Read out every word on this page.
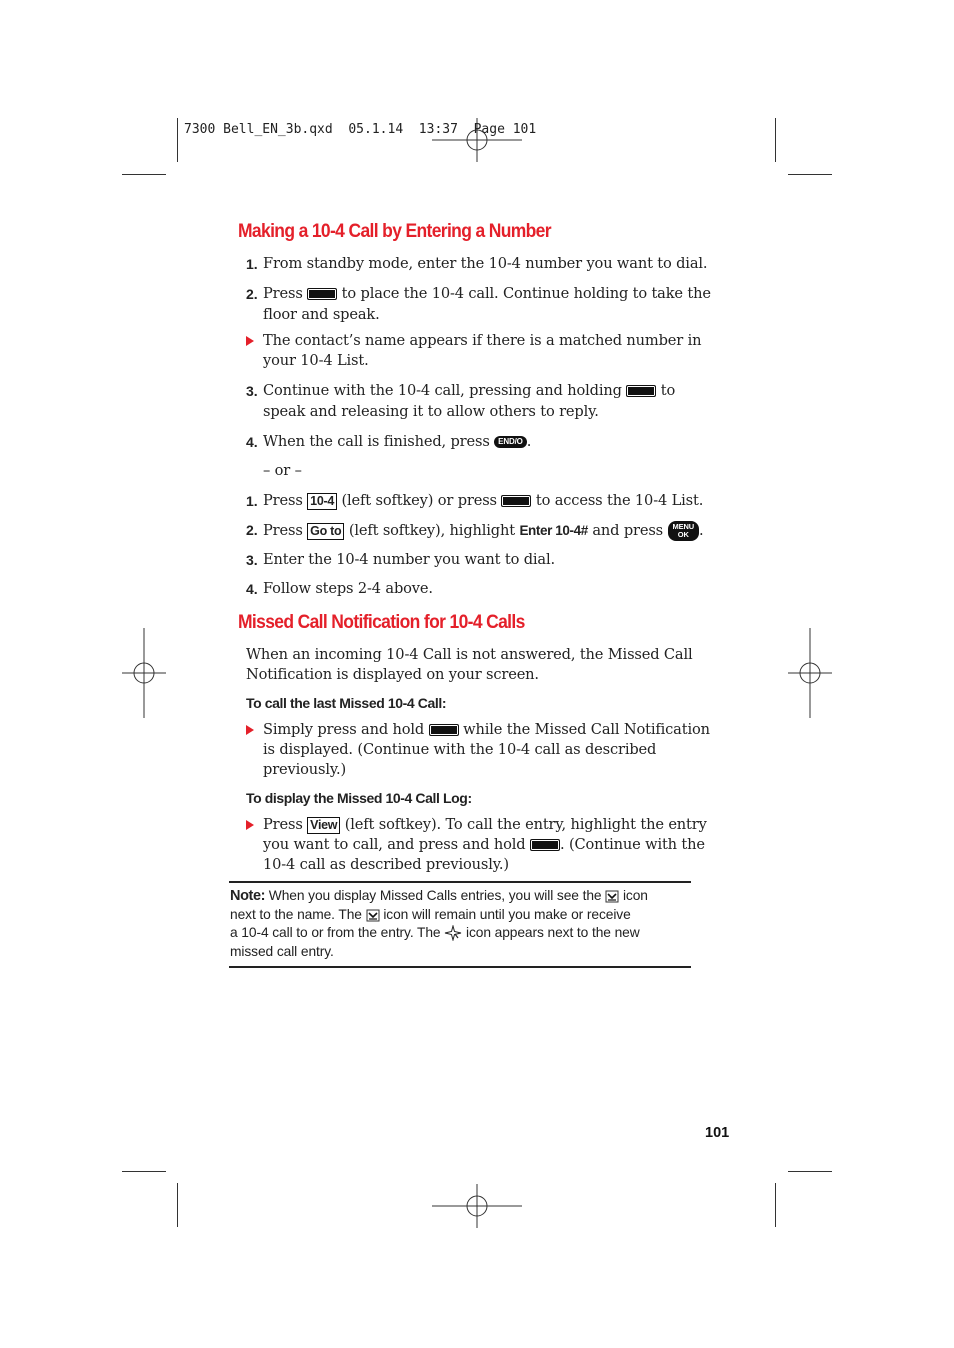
7300 Bell_EN_3b.qxd  05.1.14  13:37  Page 101
Making a 10-4 Call by Entering a Number
1. From standby mode, enter the 10-4 number you want to dial.
2. Press	to place the 10-4 call. Continue holding to take the
floor and speak.
The contact’s name appears if there is a matched number in
your 10-4 List.
3. Continue with the 10-4 call, pressing and holding	to
speak and releasing it to allow others to reply.
4. When the call is finished, press END/O .
– or –
1. Press 10-4 (left softkey) or press	to access the 10-4 List.
2. Press Go to (left softkey), highlight Enter 10-4# and press MENU
OK .
3. Enter the 10-4 number you want to dial.
4. Follow steps 2-4 above.
Missed Call Notification for 10-4 Calls
When an incoming 10-4 Call is not answered, the Missed Call
Notification is displayed on your screen.
To call the last Missed 10-4 Call:
Simply press and hold	while the Missed Call Notification
is displayed. (Continue with the 10-4 call as described
previously.)
To display the Missed 10-4 Call Log:
Press View (left softkey). To call the entry, highlight the entry
you want to call, and press and hold . (Continue with the
10-4 call as described previously.)
Note: When you display Missed Calls entries, you will see the icon
next to the name. The icon will remain until you make or receive
a 10-4 call to or from the entry. The icon appears next to the new
missed call entry.
101
